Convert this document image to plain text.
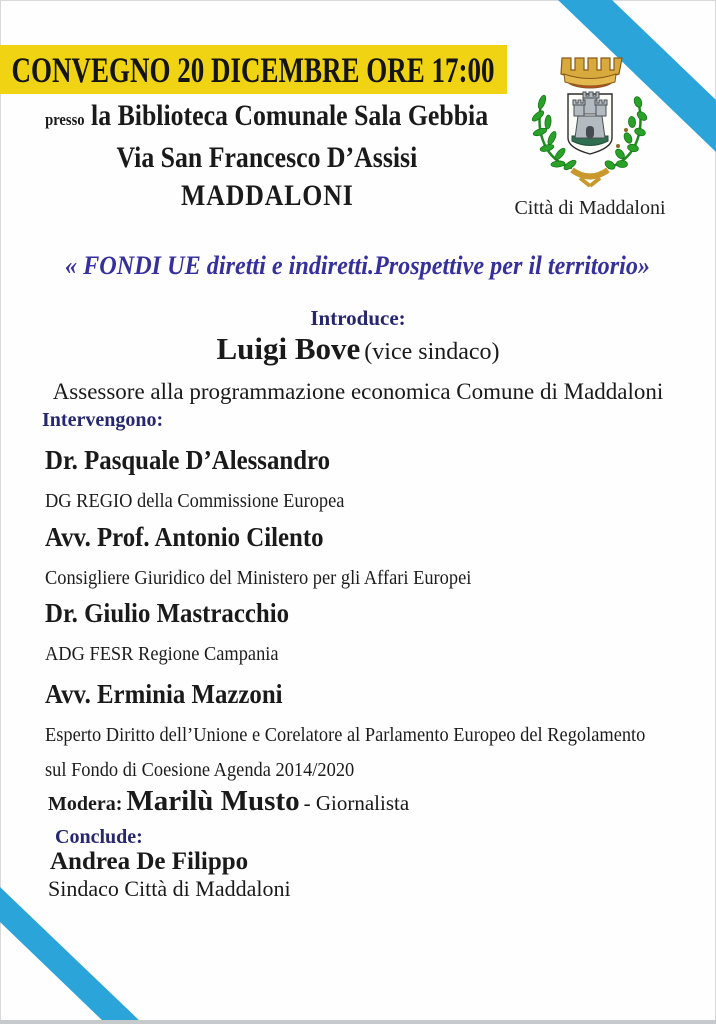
CONVEGNO 20 DICEMBRE ORE 17:00
presso la Biblioteca Comunale Sala Gebbia
Via San Francesco D’Assisi
MADDALONI	Città di Maddaloni
« FONDI UE diretti e indiretti.Prospettive per il territorio»
Introduce:
Luigi Bove (vice sindaco)
Assessore alla programmazione economica Comune di Maddaloni
Intervengono:
Dr. Pasquale D’Alessandro
DG REGIO della Commissione Europea
Avv. Prof. Antonio Cilento
Consigliere Giuridico del Ministero per gli Affari Europei
Dr. Giulio Mastracchio
ADG FESR Regione Campania
Avv. Erminia Mazzoni
Esperto Diritto dell’Unione e Corelatore al Parlamento Europeo del Regolamento
sul Fondo di Coesione Agenda 2014/2020
Modera: Marilù Musto - Giornalista
Conclude:
Andrea De Filippo
Sindaco Città di Maddaloni
